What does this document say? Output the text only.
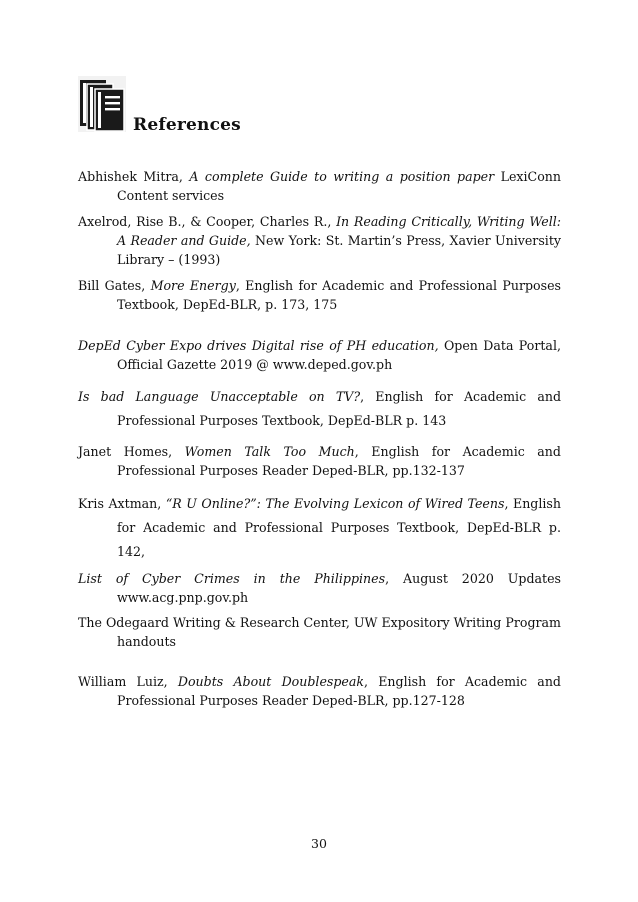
References

Abhishek Mitra, A complete Guide to writing a position paper LexiConn Content services

Axelrod, Rise B., & Cooper, Charles R., In Reading Critically, Writing Well: A Reader and Guide, New York: St. Martin’s Press, Xavier University Library – (1993)

Bill Gates, More Energy, English for Academic and Professional Purposes Textbook, DepEd-BLR, p. 173, 175

DepEd Cyber Expo drives Digital rise of PH education, Open Data Portal, Official Gazette 2019 @ www.deped.gov.ph

Is bad Language Unacceptable on TV?, English for Academic and Professional Purposes Textbook, DepEd-BLR p. 143

Janet Homes, Women Talk Too Much, English for Academic and Professional Purposes Reader Deped-BLR, pp.132-137

Kris Axtman, “R U Online?”: The Evolving Lexicon of Wired Teens, English for Academic and Professional Purposes Textbook, DepEd-BLR p. 142,

List of Cyber Crimes in the Philippines, August 2020 Updates www.acg.pnp.gov.ph

The Odegaard Writing & Research Center, UW Expository Writing Program handouts

William Luiz, Doubts About Doublespeak, English for Academic and Professional Purposes Reader Deped-BLR, pp.127-128

30
